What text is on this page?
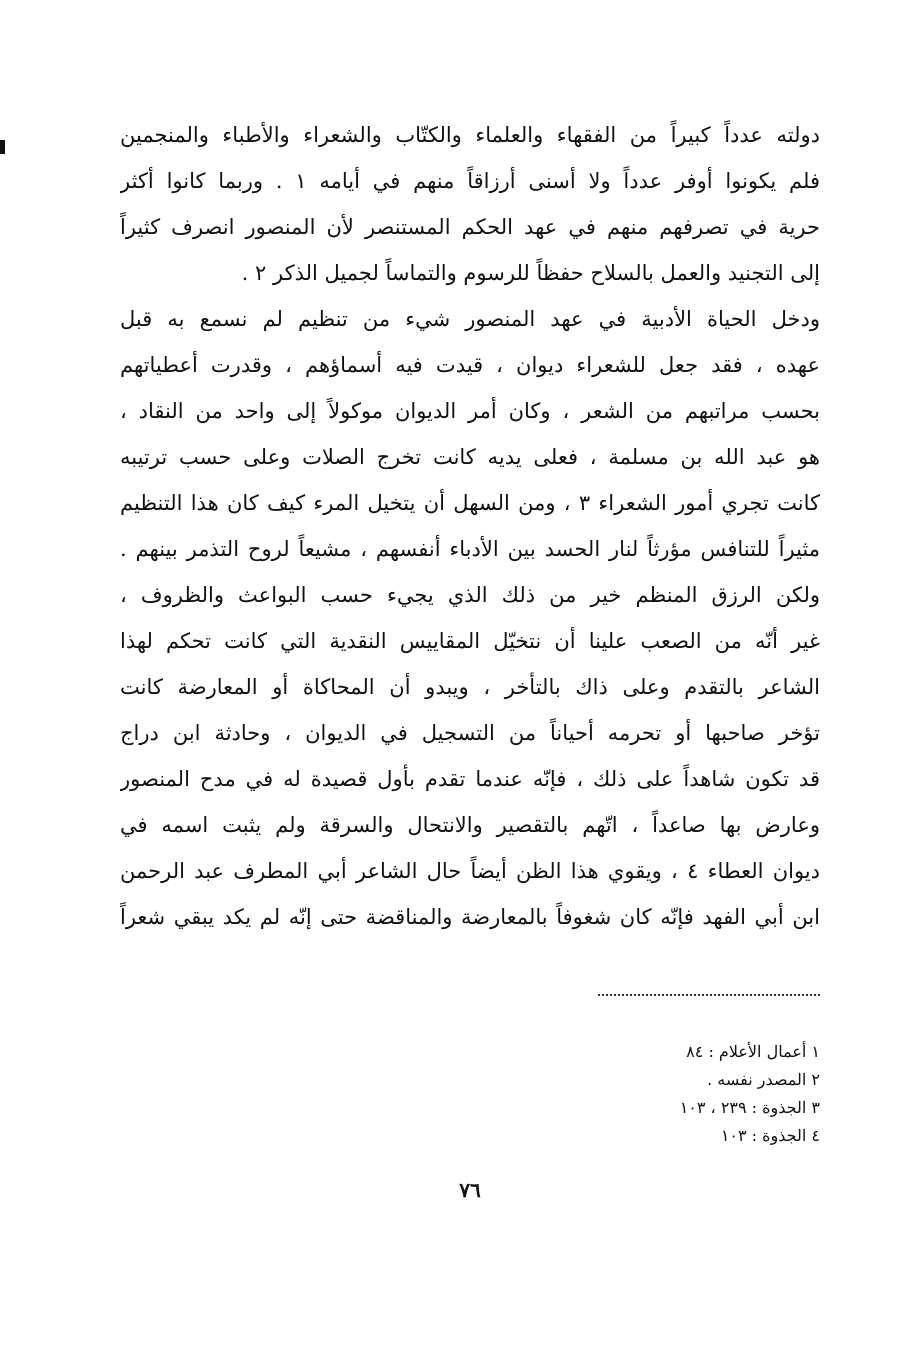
دولته عدداً كبيراً من الفقهاء والعلماء والكتّاب والشعراء والأطباء والمنجمين
فلم يكونوا أوفر عدداً ولا أسنى أرزاقاً منهم في أيامه ١ . وربما كانوا أكثر
حرية في تصرفهم منهم في عهد الحكم المستنصر لأن المنصور انصرف كثيراً
إلى التجنيد والعمل بالسلاح حفظاً للرسوم والتماساً لجميل الذكر ٢ .
ودخل الحياة الأدبية في عهد المنصور شيء من تنظيم لم نسمع به قبل
عهده ، فقد جعل للشعراء ديوان ، قيدت فيه أسماؤهم ، وقدرت أعطياتهم
بحسب مراتبهم من الشعر ، وكان أمر الديوان موكولاً إلى واحد من النقاد ،
هو عبد الله بن مسلمة ، فعلى يديه كانت تخرج الصلات وعلى حسب ترتيبه
كانت تجري أمور الشعراء ٣ ، ومن السهل أن يتخيل المرء كيف كان هذا التنظيم
مثيراً للتنافس مؤرثاً لنار الحسد بين الأدباء أنفسهم ، مشيعاً لروح التذمر بينهم .
ولكن الرزق المنظم خير من ذلك الذي يجيء حسب البواعث والظروف ،
غير أنّه من الصعب علينا أن نتخيّل المقاييس النقدية التي كانت تحكم لهذا
الشاعر بالتقدم وعلى ذاك بالتأخر ، ويبدو أن المحاكاة أو المعارضة كانت
تؤخر صاحبها أو تحرمه أحياناً من التسجيل في الديوان ، وحادثة ابن دراج
قد تكون شاهداً على ذلك ، فإنّه عندما تقدم بأول قصيدة له في مدح المنصور
وعارض بها صاعداً ، اتّهم بالتقصير والانتحال والسرقة ولم يثبت اسمه في
ديوان العطاء ٤ ، ويقوي هذا الظن أيضاً حال الشاعر أبي المطرف عبد الرحمن
ابن أبي الفهد فإنّه كان شغوفاً بالمعارضة والمناقضة حتى إنّه لم يكد يبقي شعراً
١ أعمال الأعلام : ٨٤
٢ المصدر نفسه .
٣ الجذوة : ٢٣٩ ، ١٠٣
٤ الجذوة : ١٠٣
٧٦
